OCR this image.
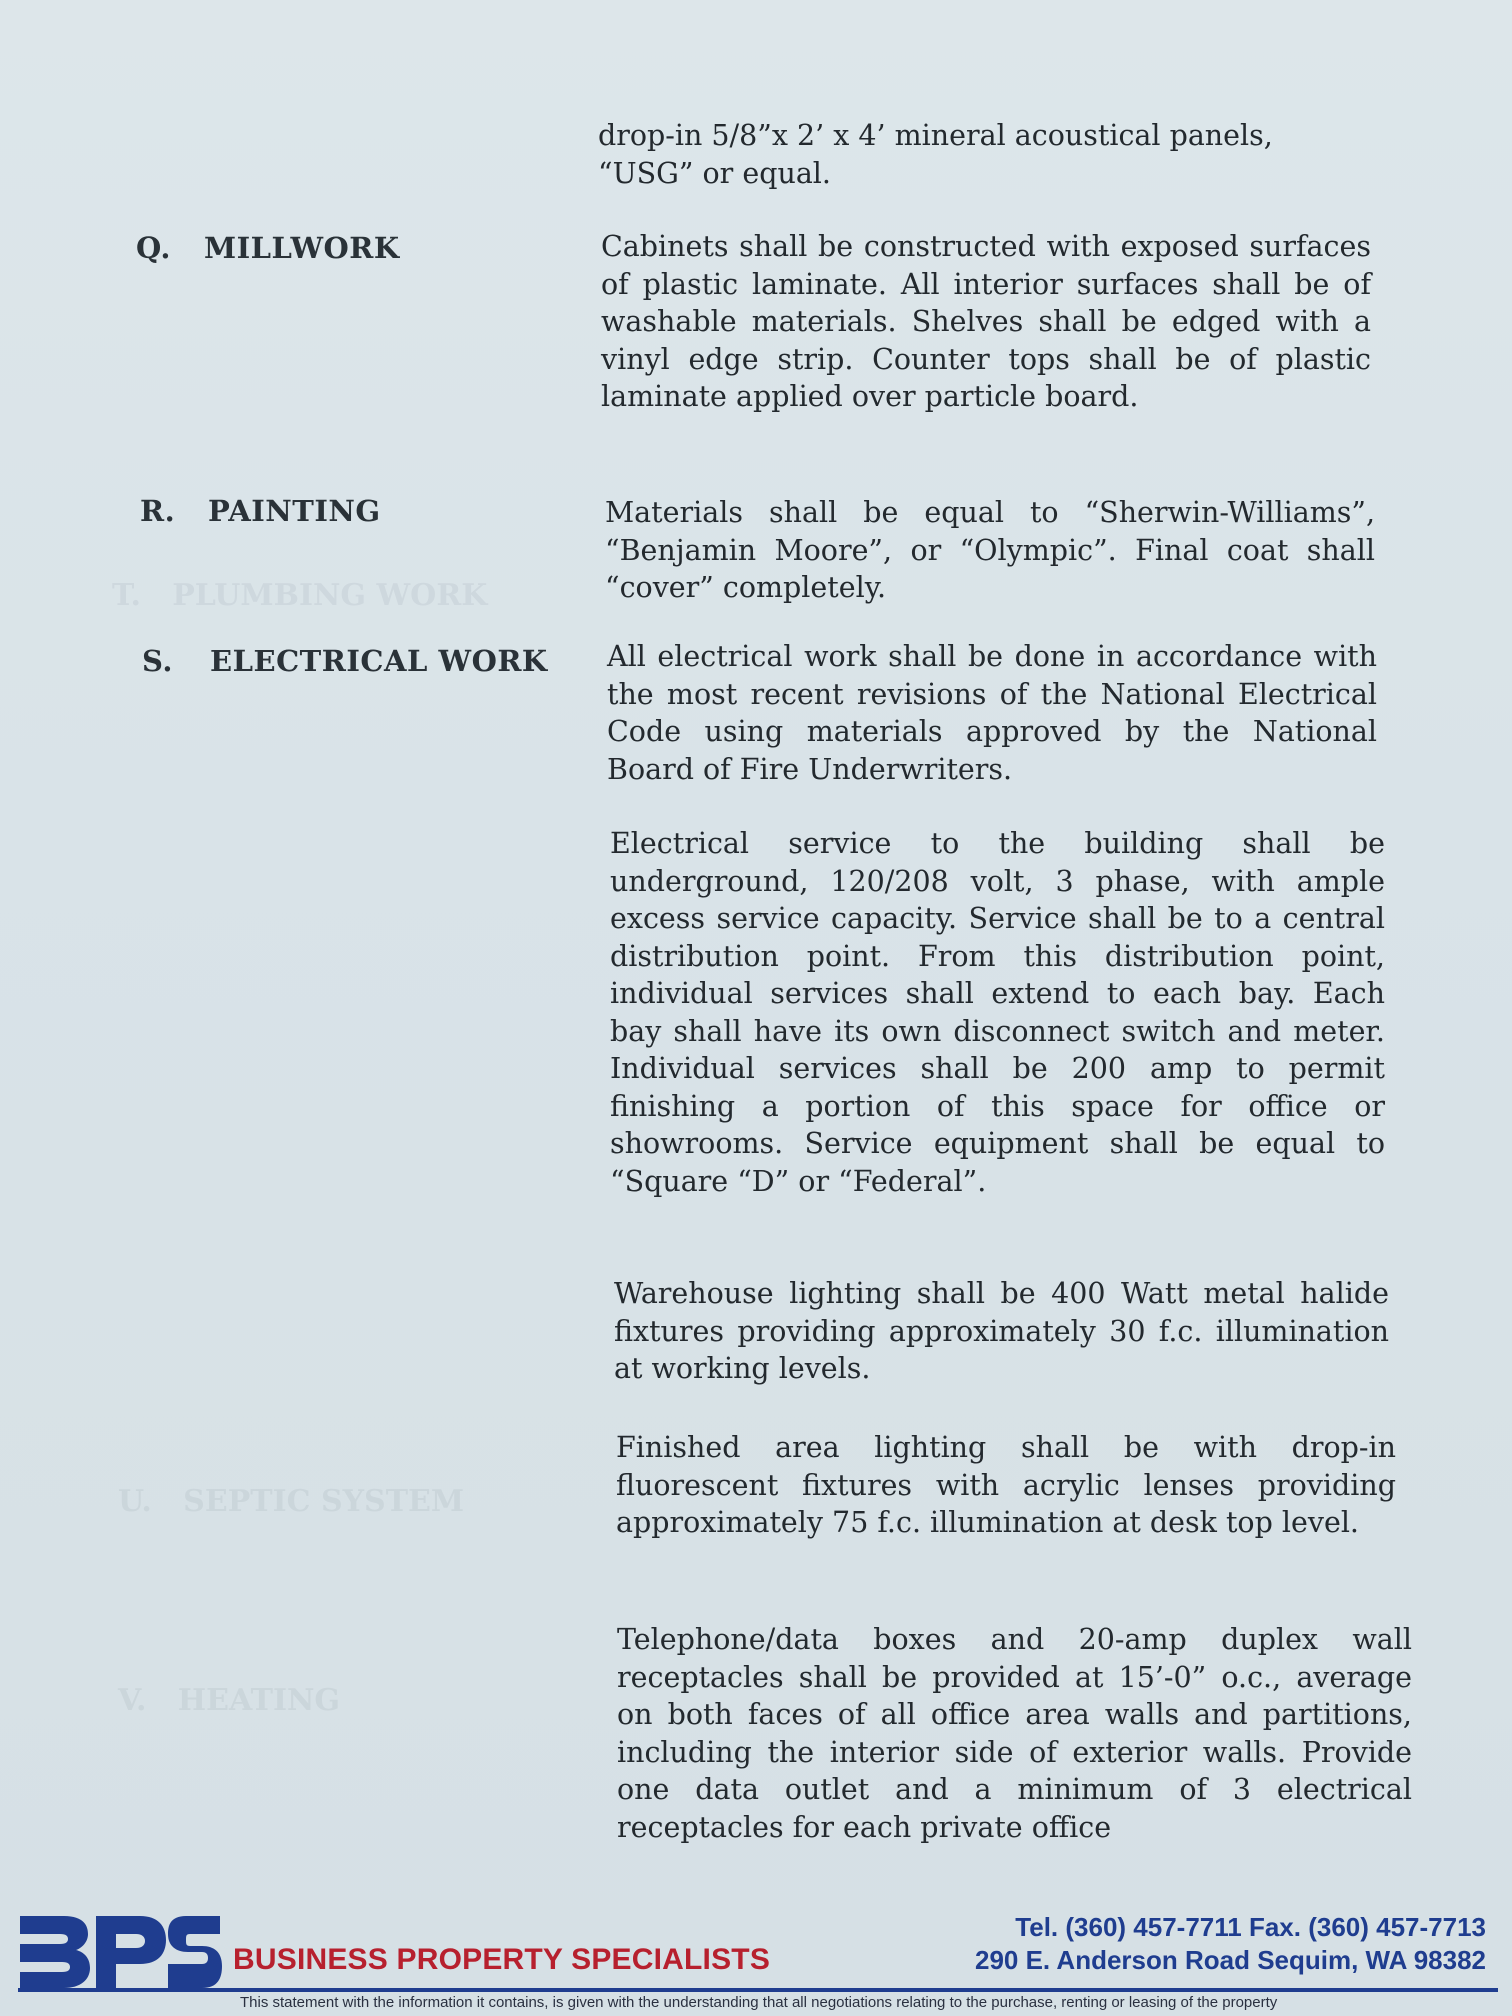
T.   PLUMBING WORK
U.   SEPTIC SYSTEM
V.   HEATING
drop-in 5/8”x 2’ x 4’ mineral acoustical panels,
“USG” or equal.
Q. MILLWORK	Cabinets shall be constructed with exposed surfaces of plastic laminate. All interior surfaces shall be of washable materials. Shelves shall be edged with a vinyl edge strip. Counter tops shall be of plastic laminate applied over particle board.
R. PAINTING	Materials shall be equal to “Sherwin-Williams”, “Benjamin Moore”, or “Olympic”. Final coat shall “cover” completely.
S. ELECTRICAL WORK All electrical work shall be done in accordance with the most recent revisions of the National Electrical Code using materials approved by the National Board of Fire Underwriters.
Electrical service to the building shall be underground, 120/208 volt, 3 phase, with ample excess service capacity. Service shall be to a central distribution point. From this distribution point, individual services shall extend to each bay. Each bay shall have its own disconnect switch and meter. Individual services shall be 200 amp to permit finishing a portion of this space for office or showrooms. Service equipment shall be equal to “Square “D” or “Federal”.
Warehouse lighting shall be 400 Watt metal halide fixtures providing approximately 30 f.c. illumination at working levels.
Finished area lighting shall be with drop-in fluorescent fixtures with acrylic lenses providing approximately 75 f.c. illumination at desk top level.
Telephone/data boxes and 20-amp duplex wall receptacles shall be provided at 15’-0” o.c., average on both faces of all office area walls and partitions, including the interior side of exterior walls. Provide one data outlet and a minimum of 3 electrical receptacles for each private office
BUSINESS PROPERTY SPECIALISTS
Tel. (360) 457-7711 Fax. (360) 457-7713
290 E. Anderson Road Sequim, WA 98382
This statement with the information it contains, is given with the understanding that all negotiations relating to the purchase, renting or leasing of the property
